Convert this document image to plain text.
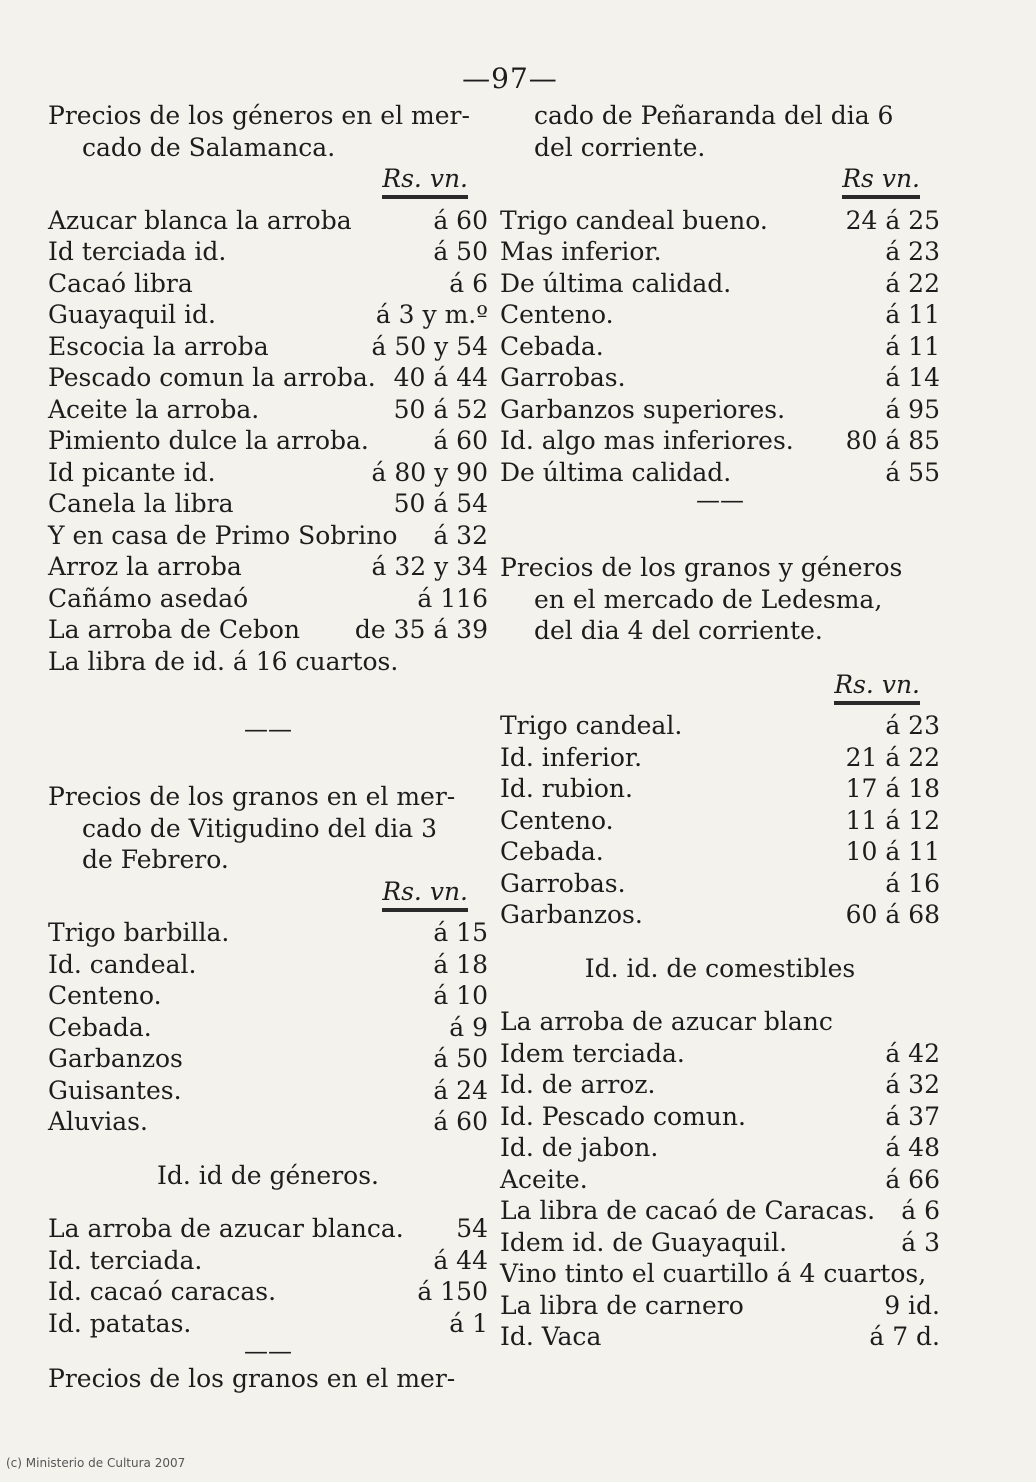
—97—
Precios de los géneros en el mer-
cado de Salamanca.
Rs. vn.
Azucar blanca la arroba	á 60
Id terciada id.	á 50
Cacaó libra	á 6
Guayaquil id.	á 3 y m.º
Escocia la arroba	á 50 y 54
Pescado comun la arroba. 40 á 44
Aceite la arroba.	50 á 52
Pimiento dulce la arroba.	á 60
Id picante id.	á 80 y 90
Canela la libra	50 á 54
Y en casa de Primo Sobrino á 32
Arroz la arroba	á 32 y 34
Cañámo asedaó	á 116
La arroba de Cebon de 35 á 39
La libra de id. á 16 cuartos.
——
Precios de los granos en el mer-
cado de Vitigudino del dia 3
de Febrero.
Rs. vn.
Trigo barbilla.	á 15
Id. candeal.	á 18
Centeno.	á 10
Cebada.	á 9
Garbanzos	á 50
Guisantes.	á 24
Aluvias.	á 60
Id. id de géneros.
La arroba de azucar blanca. 54
Id. terciada.	á 44
Id. cacaó caracas.	á 150
Id. patatas.	á 1
——
Precios de los granos en el mer-
cado de Peñaranda del dia 6
del corriente.
Rs vn.
Trigo candeal bueno.	24 á 25
Mas inferior.	á 23
De última calidad.	á 22
Centeno.	á 11
Cebada.	á 11
Garrobas.	á 14
Garbanzos superiores.	á 95
Id. algo mas inferiores. 80 á 85
De última calidad.	á 55
——
Precios de los granos y géneros
en el mercado de Ledesma,
del dia 4 del corriente.
Rs. vn.
Trigo candeal.	á 23
Id. inferior.	21 á 22
Id. rubion.	17 á 18
Centeno.	11 á 12
Cebada.	10 á 11
Garrobas.	á 16
Garbanzos.	60 á 68
Id. id. de comestibles
La arroba de azucar blanc
Idem terciada.	á 42
Id. de arroz.	á 32
Id. Pescado comun.	á 37
Id. de jabon.	á 48
Aceite.	á 66
La libra de cacaó de Caracas. á 6
Idem id. de Guayaquil.	á 3
Vino tinto el cuartillo á 4 cuartos,
La libra de carnero	9 id.
Id. Vaca	á 7 d.
(c) Ministerio de Cultura 2007
